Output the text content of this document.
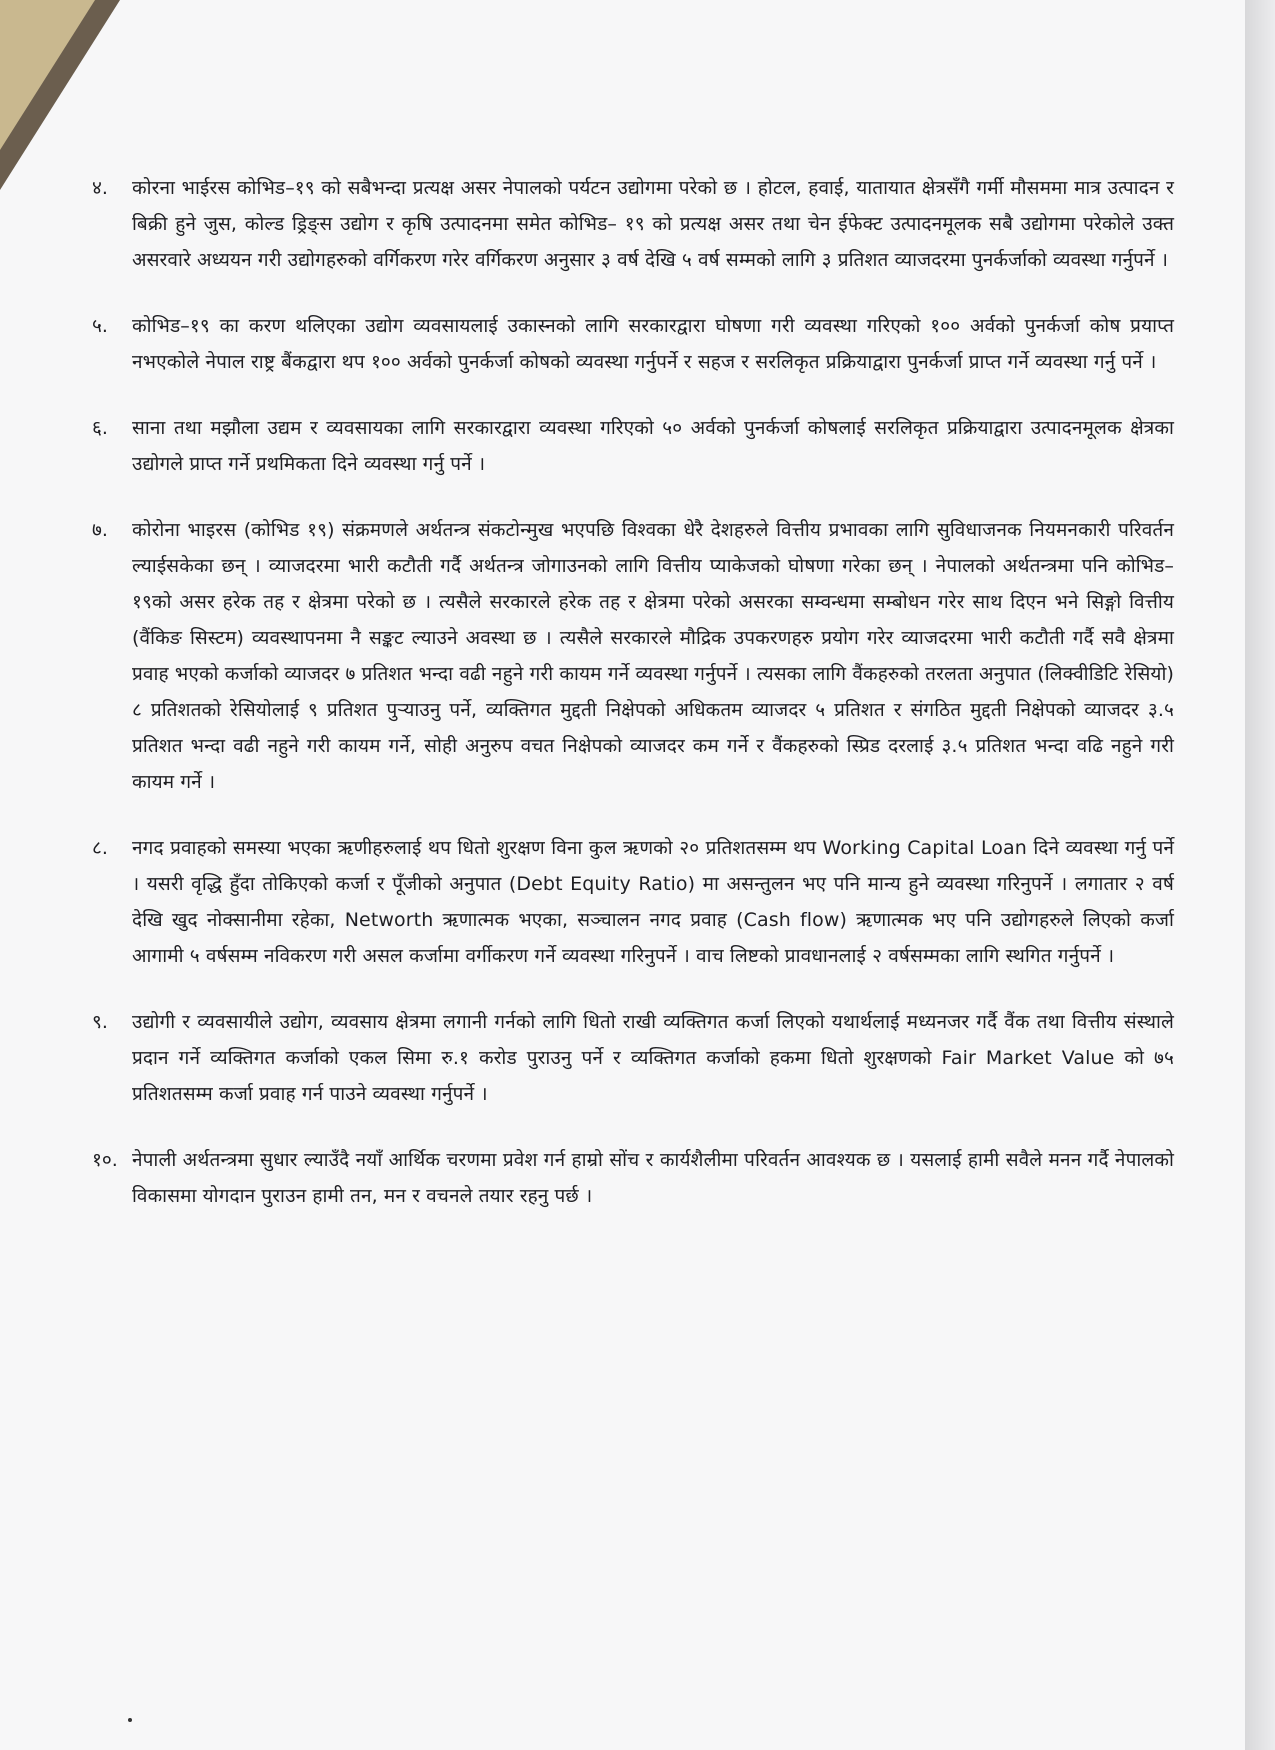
४.	कोरना भाईरस कोभिड–१९ को सबैभन्दा प्रत्यक्ष असर नेपालको पर्यटन उद्योगमा परेको छ । होटल, हवाई, यातायात क्षेत्रसँगै गर्मी मौसममा मात्र उत्पादन र बिक्री हुने जुस, कोल्ड ड्रिङ्स उद्योग र कृषि उत्पादनमा समेत कोभिड– १९ को प्रत्यक्ष असर तथा चेन ईफेक्ट उत्पादनमूलक सबै उद्योगमा परेकोले उक्त असरवारे अध्ययन गरी उद्योगहरुको वर्गिकरण गरेर वर्गिकरण अनुसार ३ वर्ष देखि ५ वर्ष सम्मको लागि ३ प्रतिशत व्याजदरमा पुनर्कर्जाको व्यवस्था गर्नुपर्ने ।
५.	कोभिड–१९ का करण थलिएका उद्योग व्यवसायलाई उकास्नको लागि सरकारद्वारा घोषणा गरी व्यवस्था गरिएको १०० अर्वको पुनर्कर्जा कोष प्रयाप्त नभएकोले नेपाल राष्ट्र बैंकद्वारा थप १०० अर्वको पुनर्कर्जा कोषको व्यवस्था गर्नुपर्ने र सहज र सरलिकृत प्रक्रियाद्वारा पुनर्कर्जा प्राप्त गर्ने व्यवस्था गर्नु पर्ने ।
६.	साना तथा मझौला उद्यम र व्यवसायका लागि सरकारद्वारा व्यवस्था गरिएको ५० अर्वको पुनर्कर्जा कोषलाई सरलिकृत प्रक्रियाद्वारा उत्पादनमूलक क्षेत्रका उद्योगले प्राप्त गर्ने प्रथमिकता दिने व्यवस्था गर्नु पर्ने ।
७.	कोरोना भाइरस (कोभिड १९) संक्रमणले अर्थतन्त्र संकटोन्मुख भएपछि विश्वका धेरै देशहरुले वित्तीय प्रभावका लागि सुविधाजनक नियमनकारी परिवर्तन ल्याईसकेका छन् । व्याजदरमा भारी कटौती गर्दै अर्थतन्त्र जोगाउनको लागि वित्तीय प्याकेजको घोषणा गरेका छन् । नेपालको अर्थतन्त्रमा पनि कोभिड– १९को असर हरेक तह र क्षेत्रमा परेको छ । त्यसैले सरकारले हरेक तह र क्षेत्रमा परेको असरका सम्वन्धमा सम्बोधन गरेर साथ दिएन भने सिङ्गो वित्तीय (वैंकिङ सिस्टम) व्यवस्थापनमा नै सङ्कट ल्याउने अवस्था छ । त्यसैले सरकारले मौद्रिक उपकरणहरु प्रयोग गरेर व्याजदरमा भारी कटौती गर्दै सवै क्षेत्रमा प्रवाह भएको कर्जाको व्याजदर ७ प्रतिशत भन्दा वढी नहुने गरी कायम गर्ने व्यवस्था गर्नुपर्ने । त्यसका लागि वैंकहरुको तरलता अनुपात (लिक्वीडिटि रेसियो) ८ प्रतिशतको रेसियोलाई ९ प्रतिशत पुऱ्याउनु पर्ने, व्यक्तिगत मुद्दती निक्षेपको अधिकतम व्याजदर ५ प्रतिशत र संगठित मुद्दती निक्षेपको व्याजदर ३.५ प्रतिशत भन्दा वढी नहुने गरी कायम गर्ने, सोही अनुरुप वचत निक्षेपको व्याजदर कम गर्ने र वैंकहरुको स्प्रिड दरलाई ३.५ प्रतिशत भन्दा वढि नहुने गरी कायम गर्ने ।
८.	नगद प्रवाहको समस्या भएका ऋणीहरुलाई थप धितो शुरक्षण विना कुल ऋणको २० प्रतिशतसम्म थप Working Capital Loan दिने व्यवस्था गर्नु पर्ने । यसरी वृद्धि हुँदा तोकिएको कर्जा र पूँजीको अनुपात (Debt Equity Ratio) मा असन्तुलन भए पनि मान्य हुने व्यवस्था गरिनुपर्ने । लगातार २ वर्ष देखि खुद नोक्सानीमा रहेका, Networth ऋणात्मक भएका, सञ्चालन नगद प्रवाह (Cash flow) ऋणात्मक भए पनि उद्योगहरुले लिएको कर्जा आगामी ५ वर्षसम्म नविकरण गरी असल कर्जामा वर्गीकरण गर्ने व्यवस्था गरिनुपर्ने । वाच लिष्टको प्रावधानलाई २ वर्षसम्मका लागि स्थगित गर्नुपर्ने ।
९.	उद्योगी र व्यवसायीले उद्योग, व्यवसाय क्षेत्रमा लगानी गर्नको लागि धितो राखी व्यक्तिगत कर्जा लिएको यथार्थलाई मध्यनजर गर्दै वैंक तथा वित्तीय संस्थाले प्रदान गर्ने व्यक्तिगत कर्जाको एकल सिमा रु.१ करोड पुराउनु पर्ने र व्यक्तिगत कर्जाको हकमा धितो शुरक्षणको Fair Market Value को ७५ प्रतिशतसम्म कर्जा प्रवाह गर्न पाउने व्यवस्था गर्नुपर्ने ।
१०. नेपाली अर्थतन्त्रमा सुधार ल्याउँदै नयाँ आर्थिक चरणमा प्रवेश गर्न हाम्रो सोंच र कार्यशैलीमा परिवर्तन आवश्यक छ । यसलाई हामी सवैले मनन गर्दै नेपालको विकासमा योगदान पुराउन हामी तन, मन र वचनले तयार रहनु पर्छ ।
